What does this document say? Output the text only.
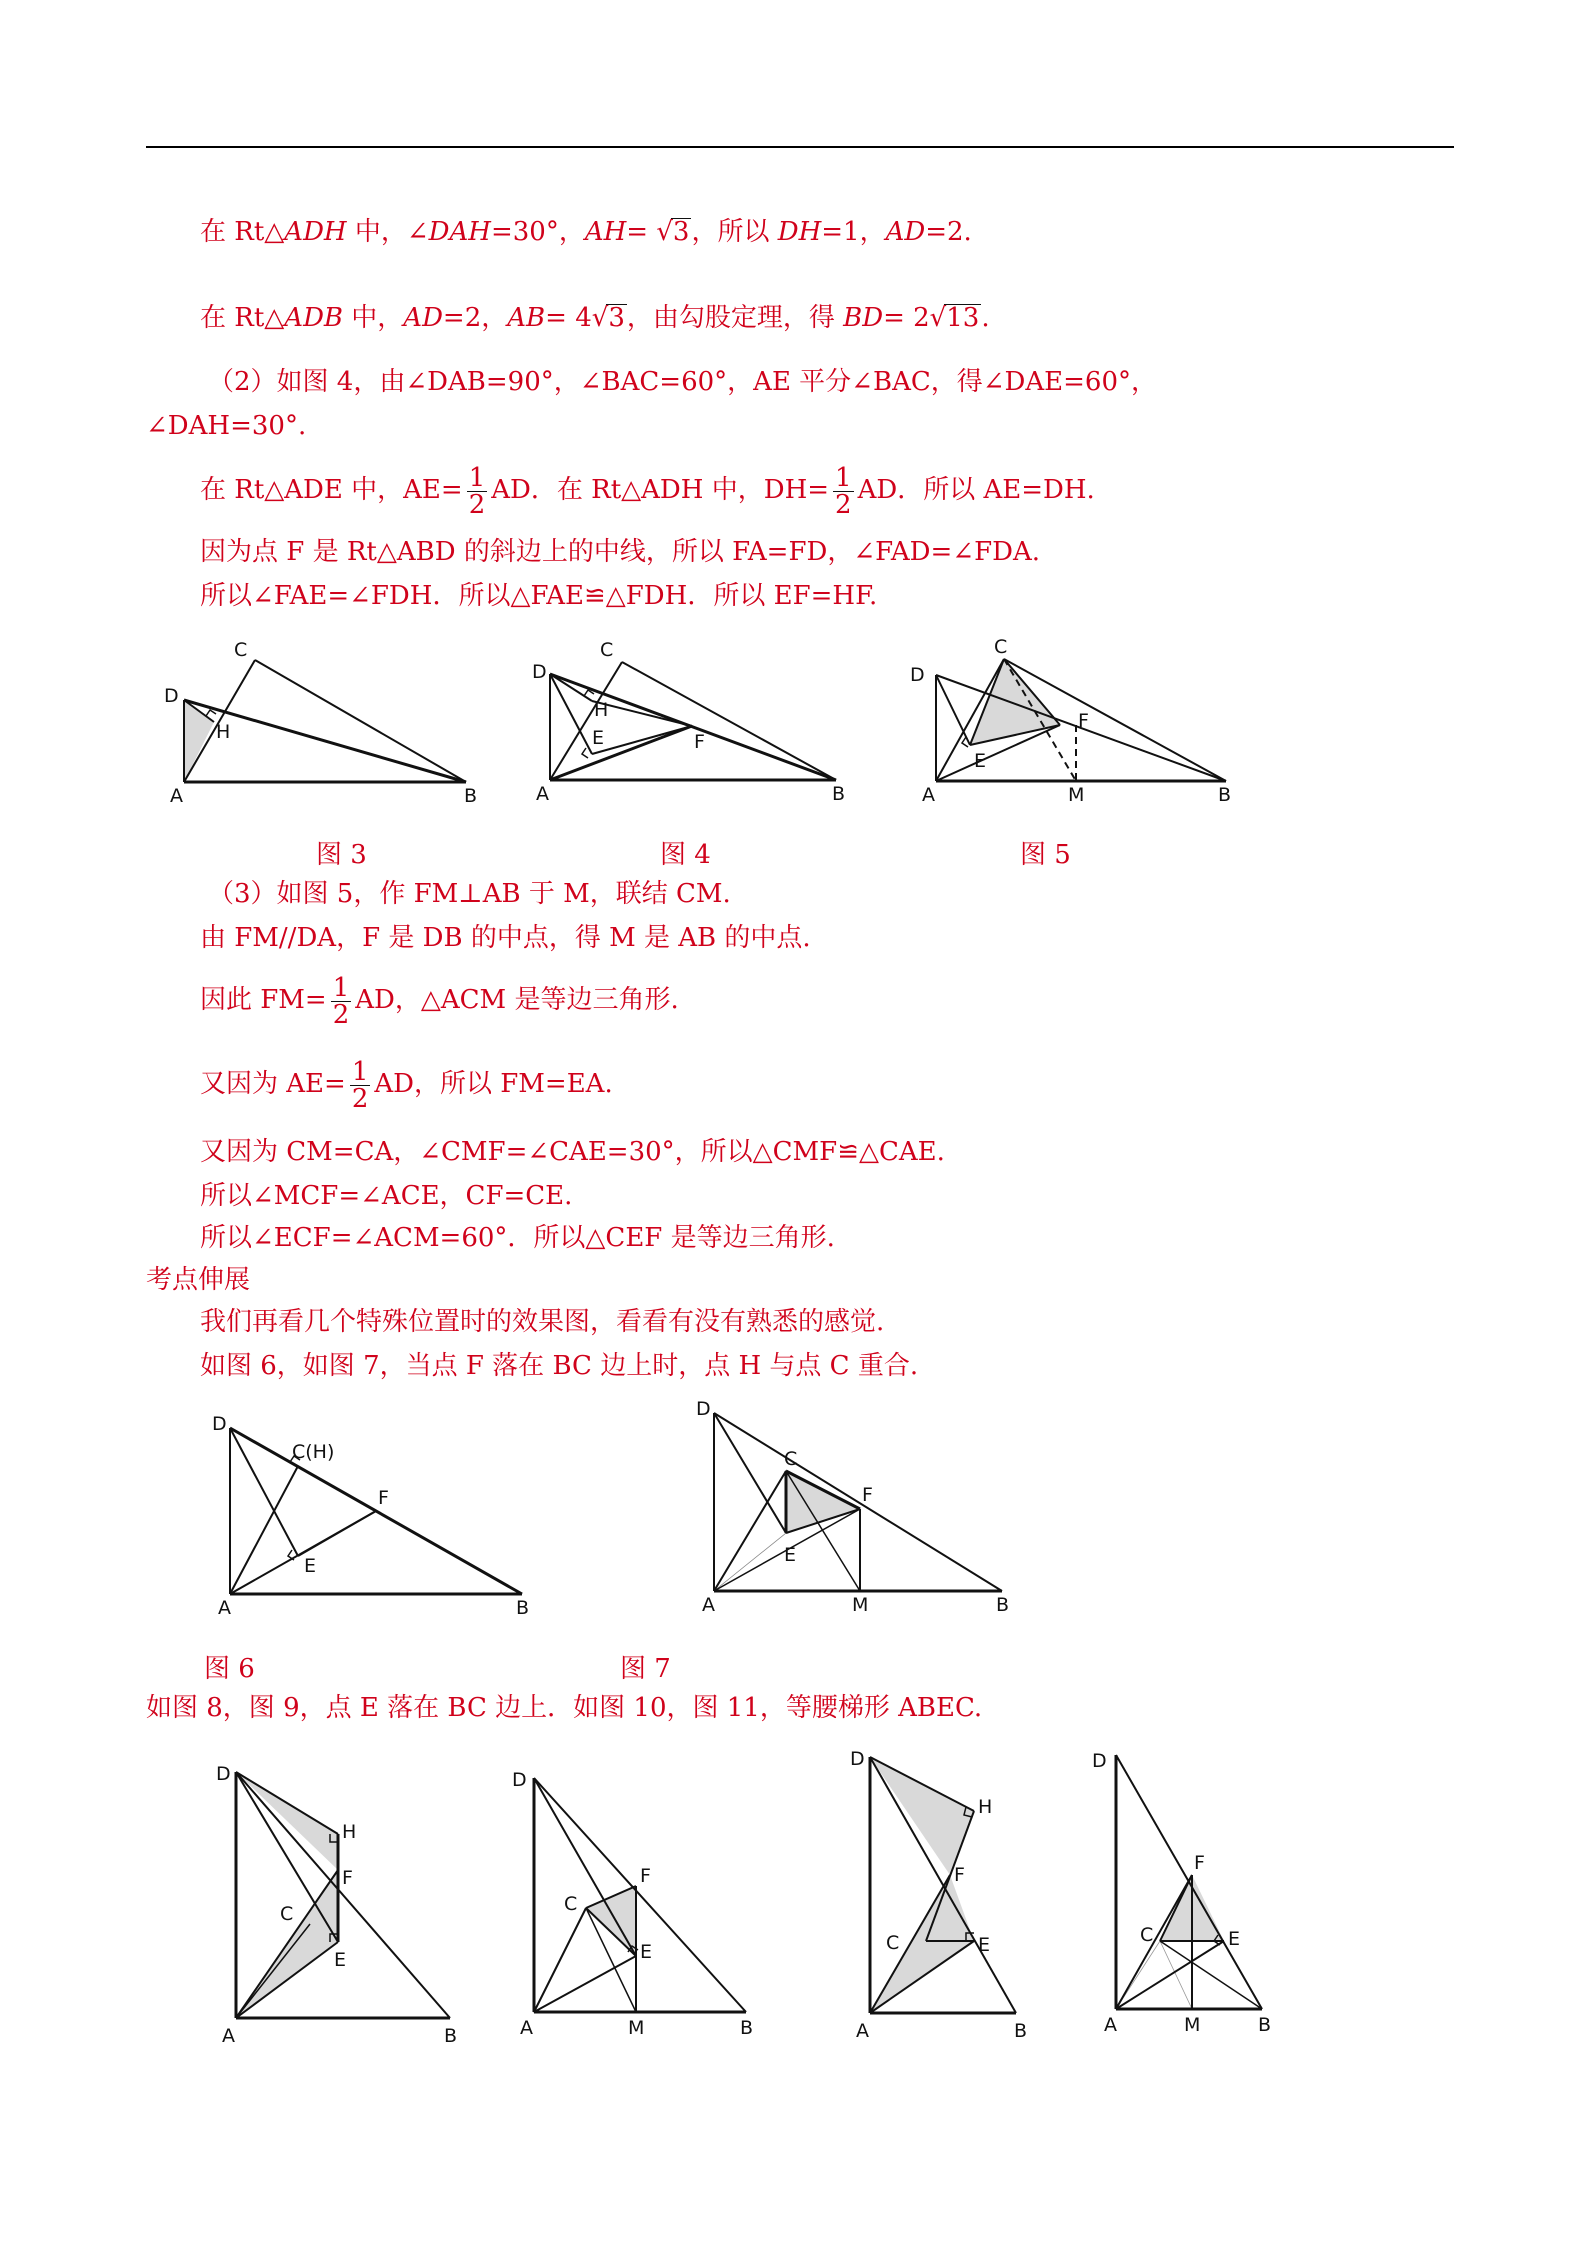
在 Rt△ADH 中，∠DAH=30°，AH= √3，所以 DH=1，AD=2.
在 Rt△ADB 中，AD=2，AB= 4√3，由勾股定理，得 BD= 2√13.
（2）如图 4，由∠DAB=90°，∠BAC=60°，AE 平分∠BAC，得∠DAE=60°，
∠DAH=30°.
在 Rt△ADE 中，$AE= \frac{1}{2}$ AD．在 Rt△ADH 中，$DH= \frac{1}{2}$ AD．所以 AE=DH.
因为点 F 是 Rt△ABD 的斜边上的中线，所以 FA=FD，∠FAD=∠FDA.
所以∠FAE=∠FDH．所以△FAE≌△FDH．所以 EF=HF.
C
D
H
A	B
C
D
H
E	F
A	B
C
D
F
E
A	M	B
图 3	图 4	图 5
（3）如图 5，作 FM⊥AB 于 M，联结 CM.
由 FM//DA，F 是 DB 的中点，得 M 是 AB 的中点.
因此 $FM= \frac{1}{2}$ AD，△ACM 是等边三角形.
又因为 $AE= \frac{1}{2}$ AD，所以 FM=EA.
又因为 CM=CA，∠CMF=∠CAE=30°，所以△CMF≌△CAE.
所以∠MCF=∠ACE，CF=CE.
所以∠ECF=∠ACM=60°．所以△CEF 是等边三角形.
考点伸展
我们再看几个特殊位置时的效果图，看看有没有熟悉的感觉.
如图 6，如图 7，当点 F 落在 BC 边上时，点 H 与点 C 重合.
D
C(H)
F
E
A	B
D
C
F
E
A	M	B
图 6	图 7
如图 8，图 9，点 E 落在 BC 边上．如图 10，图 11，等腰梯形 ABEC.
D
H
F
C
E
A	B
D
F
C
E
A	M	B
D
H
F
C	E
A	B
D
F
C	E
A	M	B
